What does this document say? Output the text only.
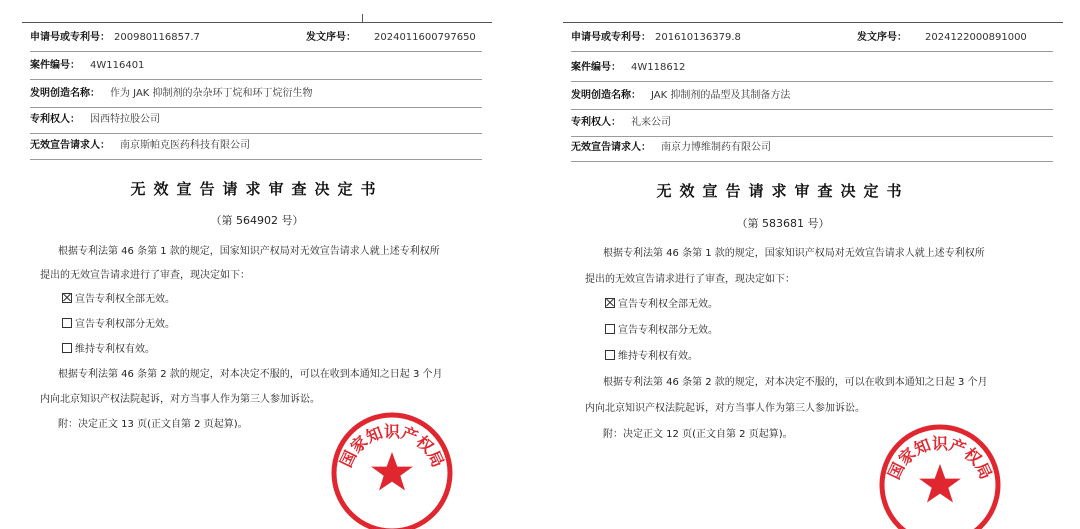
申请号或专利号： 200980116857.7	发文序号： 2024011600797650
案件编号： 4W116401
发明创造名称： 作为 JAK 抑制剂的杂杂环丁烷和环丁烷衍生物
专利权人： 因西特拉股公司
无效宣告请求人： 南京斯帕克医药科技有限公司
无效宣告请求审查决定书
（第 564902 号）
根据专利法第 46 条第 1 款的规定，国家知识产权局对无效宣告请求人就上述专利权所
提出的无效宣告请求进行了审查，现决定如下：
宣告专利权全部无效。
宣告专利权部分无效。
维持专利权有效。
根据专利法第 46 条第 2 款的规定，对本决定不服的，可以在收到本通知之日起 3 个月
内向北京知识产权法院起诉，对方当事人作为第三人参加诉讼。
附：决定正文 13 页(正文自第 2 页起算)。
国家知识产权局
申请号或专利号： 201610136379.8	发文序号： 2024122000891000
案件编号： 4W118612
发明创造名称： JAK 抑制剂的晶型及其制备方法
专利权人： 礼来公司
无效宣告请求人： 南京力博维制药有限公司
无效宣告请求审查决定书
（第 583681 号）
根据专利法第 46 条第 1 款的规定，国家知识产权局对无效宣告请求人就上述专利权所
提出的无效宣告请求进行了审查，现决定如下：
宣告专利权全部无效。
宣告专利权部分无效。
维持专利权有效。
根据专利法第 46 条第 2 款的规定，对本决定不服的，可以在收到本通知之日起 3 个月
内向北京知识产权法院起诉，对方当事人作为第三人参加诉讼。
附：决定正文 12 页(正文自第 2 页起算)。
国家知识产权局
